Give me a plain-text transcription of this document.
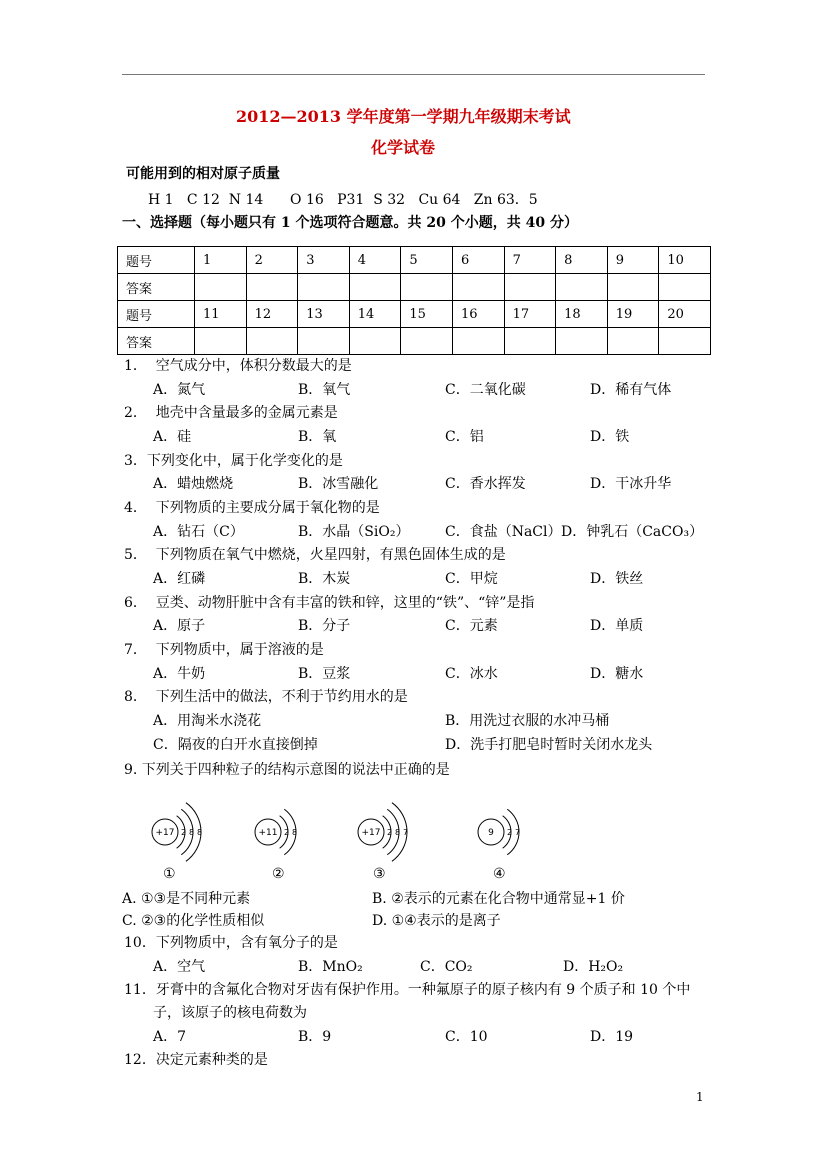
2012—2013 学年度第一学期九年级期末考试
化学试卷
可能用到的相对原子质量
H 1   C 12  N 14      O 16   P31  S 32   Cu 64   Zn 63．5
一、选择题（每小题只有 1 个选项符合题意。共 20 个小题，共 40 分）
题号	1	2	3	4	5	6	7	8	9	10
答案										
题号	11	12	13	14	15	16	17	18	19	20
答案										
1．  空气成分中，体积分数最大的是
A．氮气	B．氧气	C．二氧化碳	D．稀有气体
2．  地壳中含量最多的金属元素是
A．硅	B．氧	C．铝	D．铁
3．下列变化中，属于化学变化的是
A．蜡烛燃烧	B．冰雪融化	C．香水挥发	D．干冰升华
4．  下列物质的主要成分属于氧化物的是
A．钻石（C）	B．水晶（SiO₂）	C．食盐（NaCl） D．钟乳石（CaCO₃）
5．  下列物质在氧气中燃烧，火星四射，有黑色固体生成的是
A．红磷	B．木炭	C．甲烷	D．铁丝
6．  豆类、动物肝脏中含有丰富的铁和锌，这里的“铁”、“锌”是指
A．原子	B．分子	C．元素	D．单质
7．  下列物质中，属于溶液的是
A．牛奶	B．豆浆	C．冰水	D．糖水
8．  下列生活中的做法，不利于节约用水的是
A．用淘米水浇花	B．用洗过衣服的水冲马桶
C．隔夜的白开水直接倒掉	D．洗手打肥皂时暂时关闭水龙头
9. 下列关于四种粒子的结构示意图的说法中正确的是
+17 2 8 8	+11 2 8	+17 2 8 7	9 2 7
①	②	③	④
A. ①③是不同种元素	B. ②表示的元素在化合物中通常显+1 价
C. ②③的化学性质相似	D. ①④表示的是离子
10．下列物质中，含有氧分子的是
A．空气	B．MnO₂	C．CO₂	D．H₂O₂
11．牙膏中的含氟化合物对牙齿有保护作用。一种氟原子的原子核内有 9 个质子和 10 个中
子，该原子的核电荷数为
A．7	B．9	C．10	D．19
12．决定元素种类的是
1
